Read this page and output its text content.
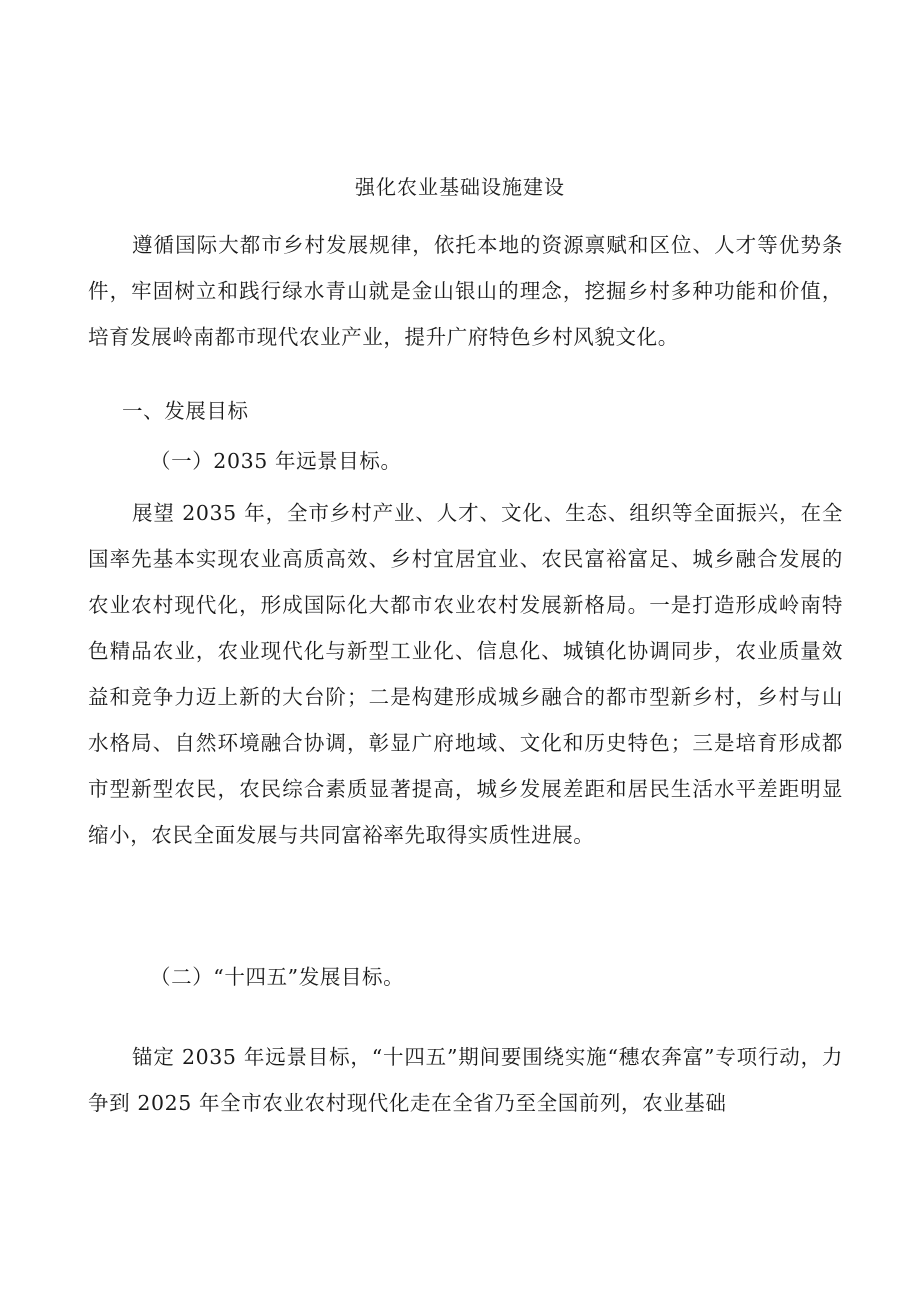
强化农业基础设施建设

遵循国际大都市乡村发展规律，依托本地的资源禀赋和区位、人才等优势条件，牢固树立和践行绿水青山就是金山银山的理念，挖掘乡村多种功能和价值，培育发展岭南都市现代农业产业，提升广府特色乡村风貌文化。

一、发展目标
（一）2035 年远景目标。

展望 2035 年，全市乡村产业、人才、文化、生态、组织等全面振兴，在全国率先基本实现农业高质高效、乡村宜居宜业、农民富裕富足、城乡融合发展的农业农村现代化，形成国际化大都市农业农村发展新格局。一是打造形成岭南特色精品农业，农业现代化与新型工业化、信息化、城镇化协调同步，农业质量效益和竞争力迈上新的大台阶；二是构建形成城乡融合的都市型新乡村，乡村与山水格局、自然环境融合协调，彰显广府地域、文化和历史特色；三是培育形成都市型新型农民，农民综合素质显著提高，城乡发展差距和居民生活水平差距明显缩小，农民全面发展与共同富裕率先取得实质性进展。

（二）“十四五”发展目标。

锚定 2035 年远景目标，“十四五”期间要围绕实施“穗农奔富”专项行动，力争到 2025 年全市农业农村现代化走在全省乃至全国前列，农业基础
